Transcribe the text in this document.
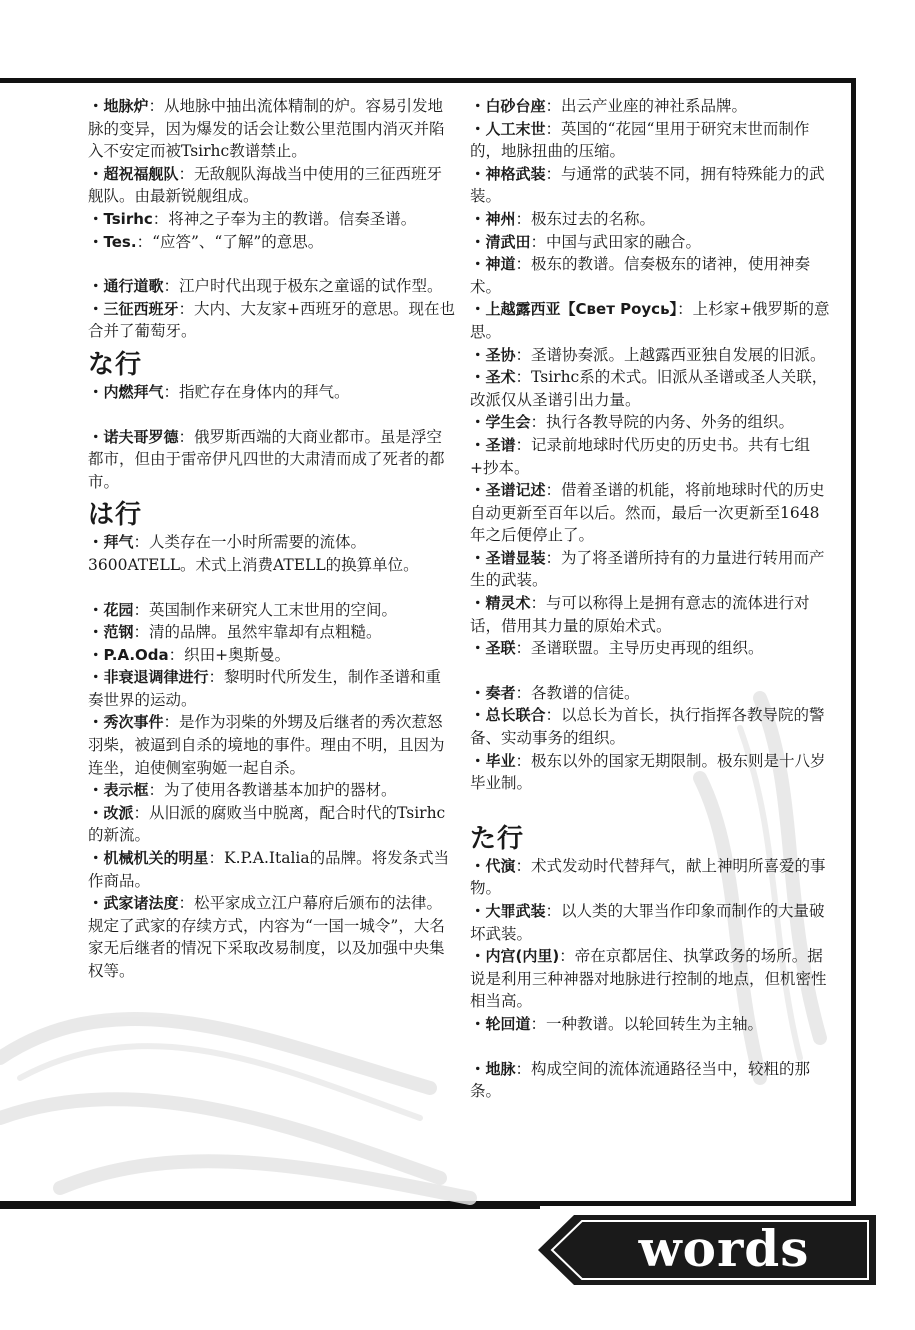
・地脉炉：从地脉中抽出流体精制的炉。容易引发地脉的变异，因为爆发的话会让数公里范围内消灭并陷入不安定而被Tsirhc教谱禁止。
・超祝福舰队：无敌舰队海战当中使用的三征西班牙舰队。由最新锐舰组成。
・Tsirhc：将神之子奉为主的教谱。信奏圣谱。
・Tes.：“应答”、“了解”的意思。
・通行道歌：江户时代出现于极东之童谣的试作型。
・三征西班牙：大内、大友家+西班牙的意思。现在也合并了葡萄牙。
な行
・内燃拜气：指贮存在身体内的拜气。
・诺夫哥罗德：俄罗斯西端的大商业都市。虽是浮空都市，但由于雷帝伊凡四世的大肃清而成了死者的都市。
は行
・拜气：人类存在一小时所需要的流体。3600ATELL。术式上消费ATELL的换算单位。
・花园：英国制作来研究人工末世用的空间。
・范钢：清的品牌。虽然牢靠却有点粗糙。
・P.A.Oda：织田+奥斯曼。
・非衰退调律进行：黎明时代所发生，制作圣谱和重奏世界的运动。
・秀次事件：是作为羽柴的外甥及后继者的秀次惹怒羽柴，被逼到自杀的境地的事件。理由不明，且因为连坐，迫使侧室驹姬一起自杀。
・表示框：为了使用各教谱基本加护的器材。
・改派：从旧派的腐败当中脱离，配合时代的Tsirhc的新流。
・机械机关的明星：K.P.A.Italia的品牌。将发条式当作商品。
・武家诸法度：松平家成立江户幕府后颁布的法律。规定了武家的存续方式，内容为“一国一城令”，大名家无后继者的情况下采取改易制度，以及加强中央集权等。
・白砂台座：出云产业座的神社系品牌。
・人工末世：英国的“花园“里用于研究末世而制作的，地脉扭曲的压缩。
・神格武装：与通常的武装不同，拥有特殊能力的武装。
・神州：极东过去的名称。
・清武田：中国与武田家的融合。
・神道：极东的教谱。信奏极东的诸神，使用神奏术。
・上越露西亚【Свет Роусь】：上杉家+俄罗斯的意思。
・圣协：圣谱协奏派。上越露西亚独自发展的旧派。
・圣术：Tsirhc系的术式。旧派从圣谱或圣人关联，改派仅从圣谱引出力量。
・学生会：执行各教导院的内务、外务的组织。
・圣谱：记录前地球时代历史的历史书。共有七组+抄本。
・圣谱记述：借着圣谱的机能，将前地球时代的历史自动更新至百年以后。然而，最后一次更新至1648年之后便停止了。
・圣谱显装：为了将圣谱所持有的力量进行转用而产生的武装。
・精灵术：与可以称得上是拥有意志的流体进行对话，借用其力量的原始术式。
・圣联：圣谱联盟。主导历史再现的组织。
・奏者：各教谱的信徒。
・总长联合：以总长为首长，执行指挥各教导院的警备、实动事务的组织。
・毕业：极东以外的国家无期限制。极东则是十八岁毕业制。
た行
・代演：术式发动时代替拜气，献上神明所喜爱的事物。
・大罪武装：以人类的大罪当作印象而制作的大量破坏武装。
・内宫(内里)：帝在京都居住、执掌政务的场所。据说是利用三种神器对地脉进行控制的地点，但机密性相当高。
・轮回道：一种教谱。以轮回转生为主轴。
・地脉：构成空间的流体流通路径当中，较粗的那条。
words
